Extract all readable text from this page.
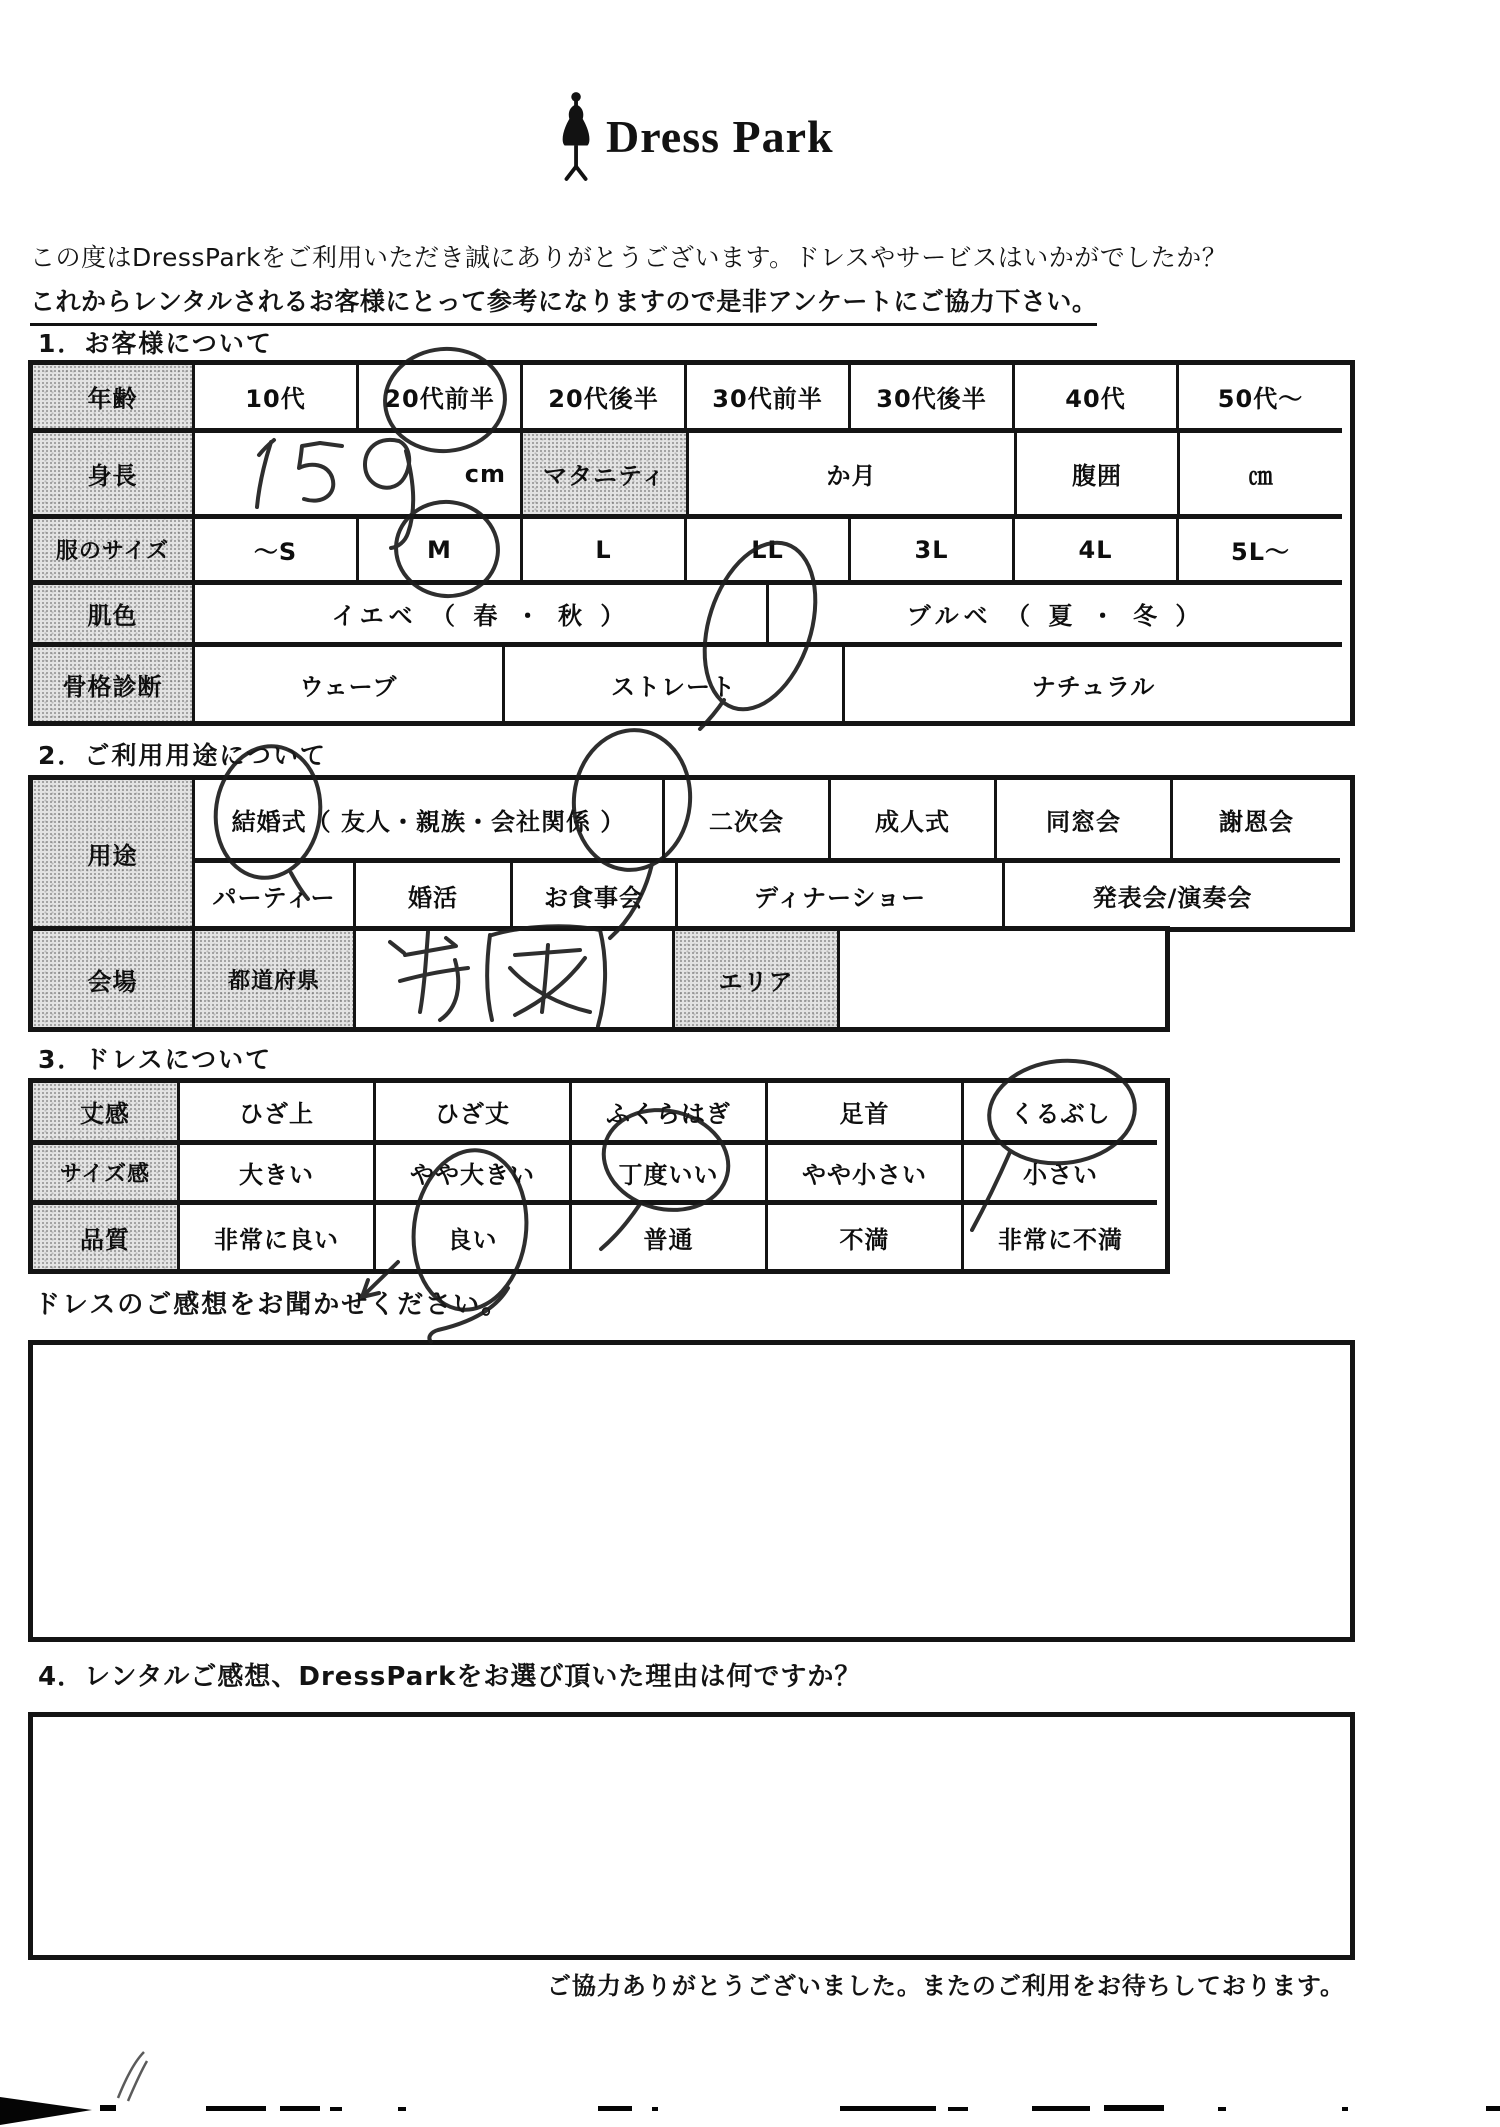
Dress Park
この度はDressParkをご利用いただき誠にありがとうございます。ドレスやサービスはいかがでしたか？
これからレンタルされるお客様にとって参考になりますので是非アンケートにご協力下さい。
1．お客様について
年齢	10代	20代前半	20代後半	30代前半	30代後半	40代	50代～
身長	cm	マタニティ	か月	腹囲	㎝
服のサイズ	～S	M	L	LL	3L	4L	5L～
肌色	イエベ （ 春 ・ 秋 ）	ブルベ （ 夏 ・ 冬 ）
骨格診断	ウェーブ	ストレート	ナチュラル
2．ご利用用途について
用途
結婚式（ 友人・親族・会社関係 ）	二次会	成人式	同窓会	謝恩会
パーティー	婚活	お食事会	ディナーショー	発表会/演奏会
会場	都道府県	エリア
3．ドレスについて
丈感	ひざ上	ひざ丈	ふくらはぎ	足首	くるぶし
サイズ感	大きい	やや大きい	丁度いい	やや小さい	小さい
品質	非常に良い	良い	普通	不満	非常に不満
ドレスのご感想をお聞かせください。
4．レンタルご感想、DressParkをお選び頂いた理由は何ですか？
ご協力ありがとうございました。またのご利用をお待ちしております。
